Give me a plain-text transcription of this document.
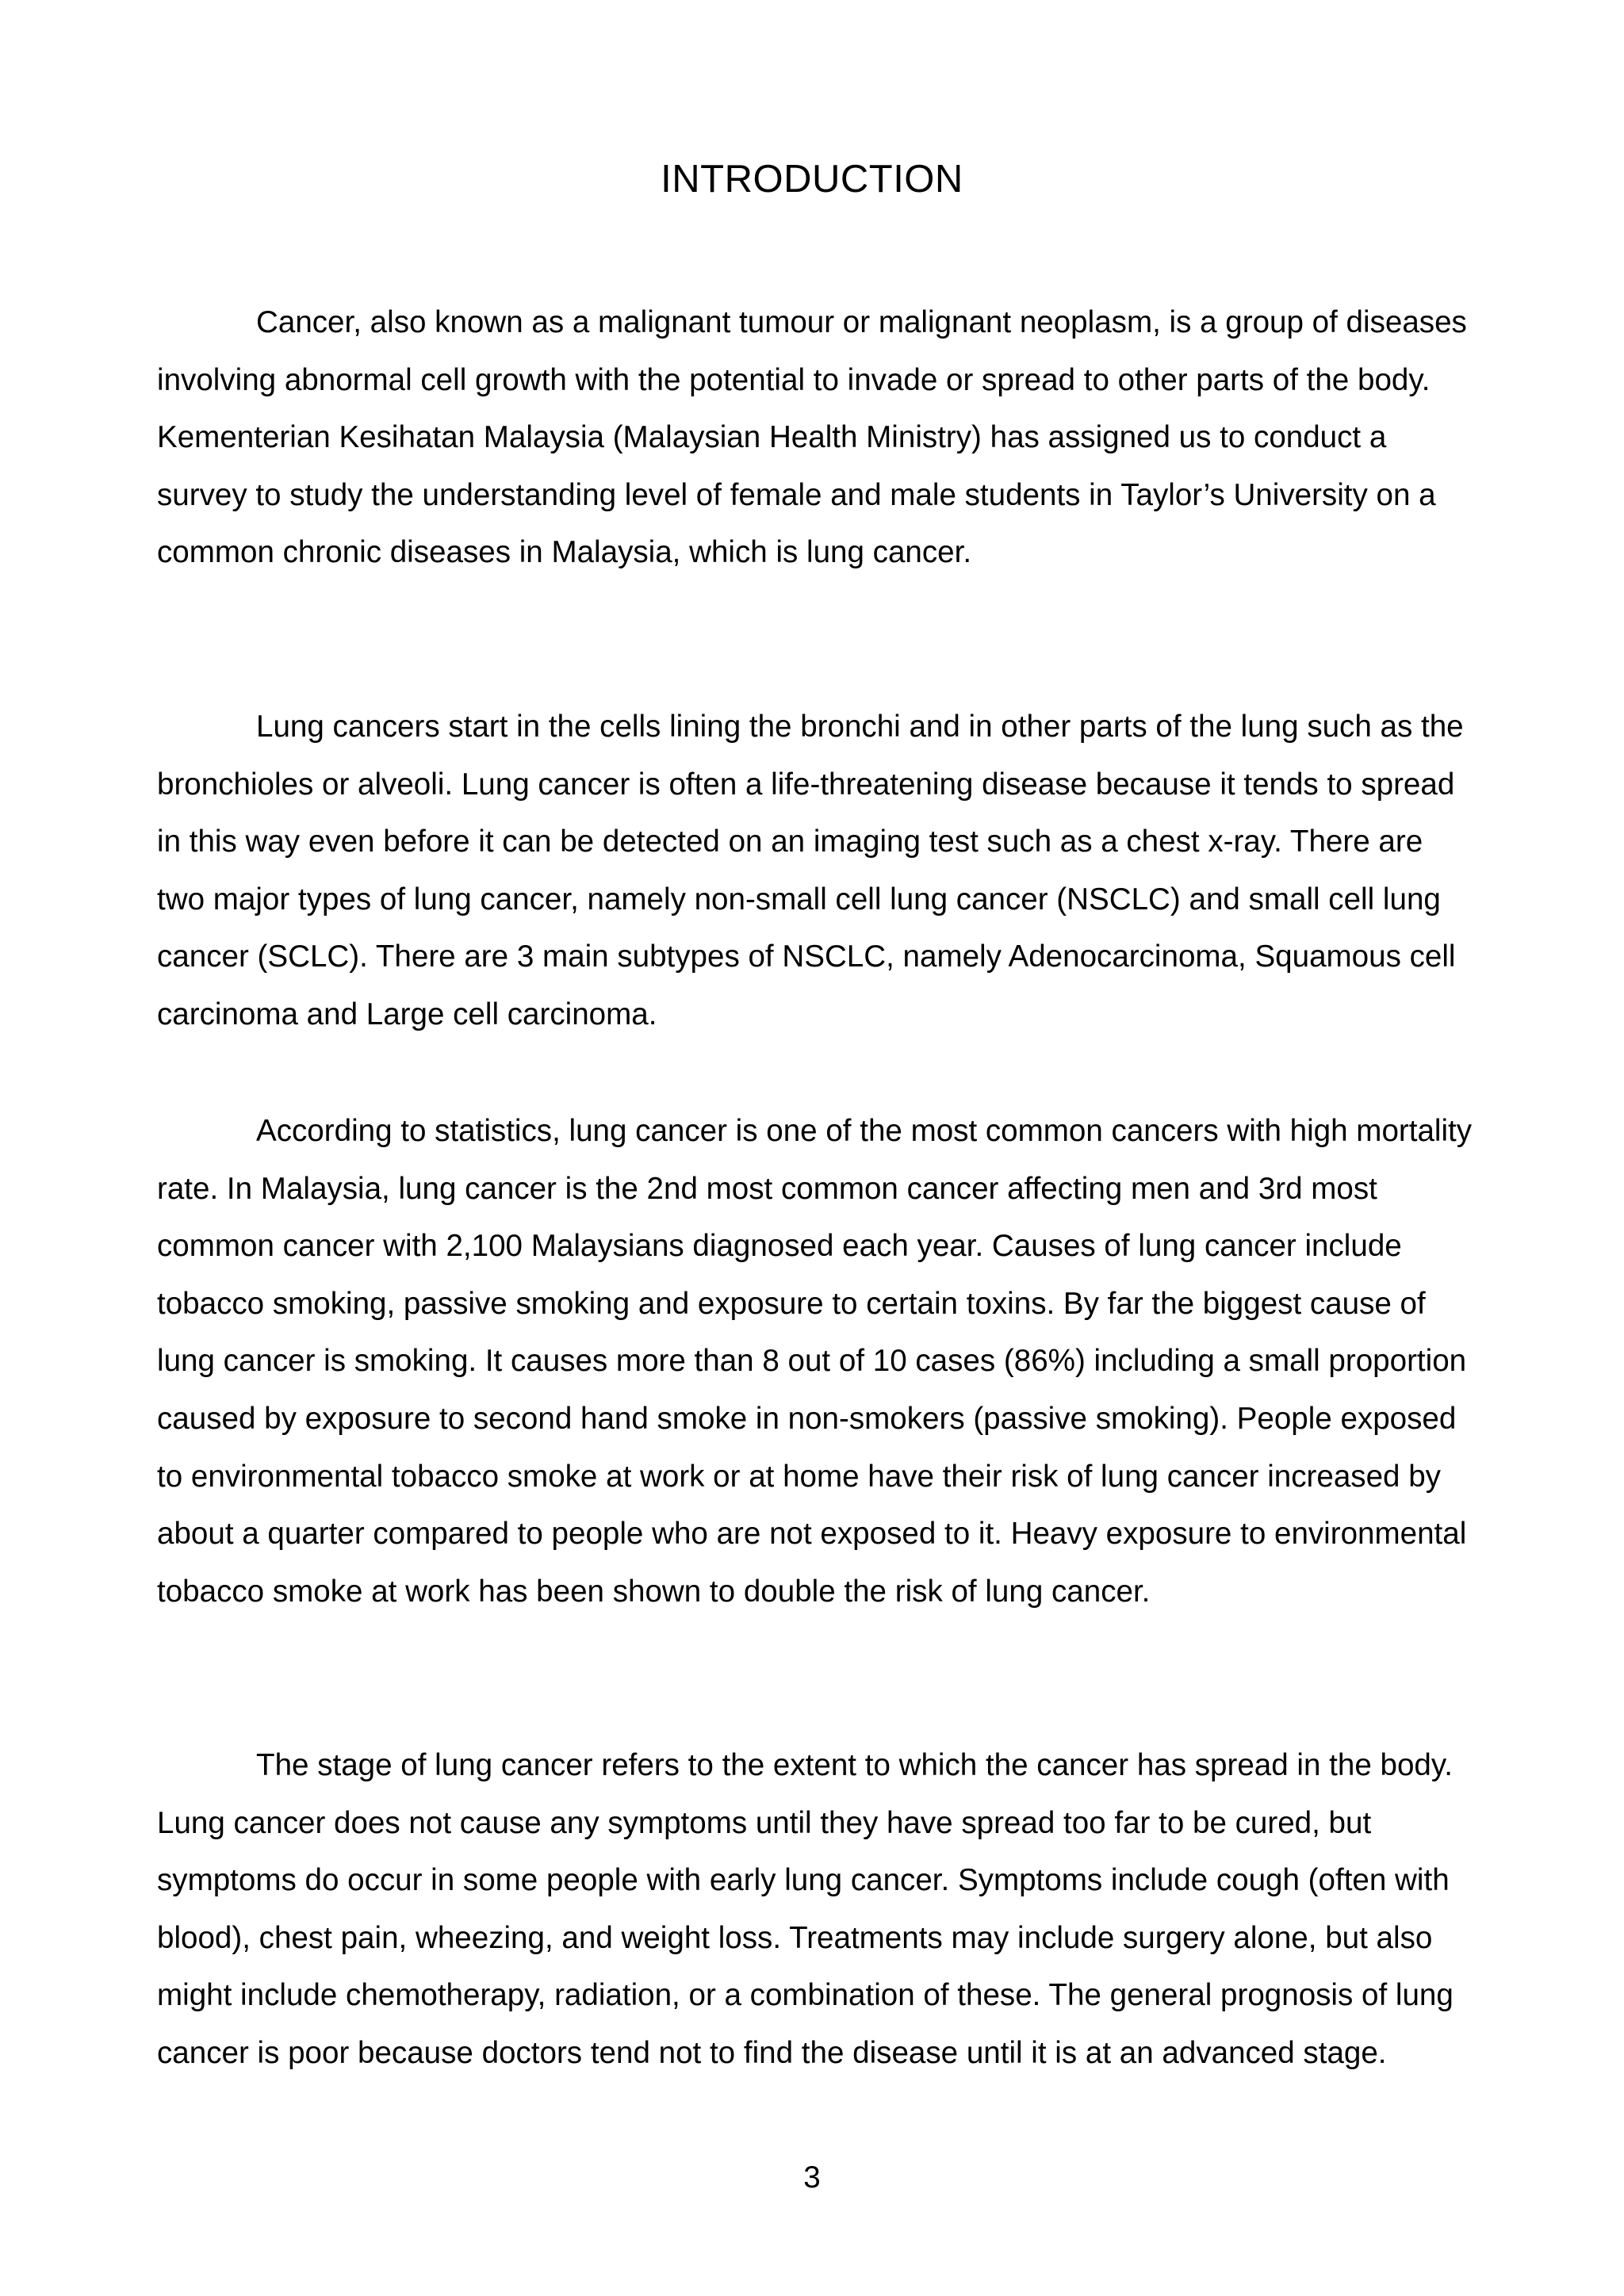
INTRODUCTION

Cancer, also known as a malignant tumour or malignant neoplasm, is a group of diseases involving abnormal cell growth with the potential to invade or spread to other parts of the body. Kementerian Kesihatan Malaysia (Malaysian Health Ministry) has assigned us to conduct a survey to study the understanding level of female and male students in Taylor’s University on a common chronic diseases in Malaysia, which is lung cancer.

Lung cancers start in the cells lining the bronchi and in other parts of the lung such as the bronchioles or alveoli. Lung cancer is often a life-threatening disease because it tends to spread in this way even before it can be detected on an imaging test such as a chest x-ray. There are two major types of lung cancer, namely non-small cell lung cancer (NSCLC) and small cell lung cancer (SCLC). There are 3 main subtypes of NSCLC, namely Adenocarcinoma, Squamous cell carcinoma and Large cell carcinoma.

According to statistics, lung cancer is one of the most common cancers with high mortality rate. In Malaysia, lung cancer is the 2nd most common cancer affecting men and 3rd most common cancer with 2,100 Malaysians diagnosed each year. Causes of lung cancer include tobacco smoking, passive smoking and exposure to certain toxins. By far the biggest cause of lung cancer is smoking. It causes more than 8 out of 10 cases (86%) including a small proportion caused by exposure to second hand smoke in non-smokers (passive smoking). People exposed to environmental tobacco smoke at work or at home have their risk of lung cancer increased by about a quarter compared to people who are not exposed to it. Heavy exposure to environmental tobacco smoke at work has been shown to double the risk of lung cancer.

The stage of lung cancer refers to the extent to which the cancer has spread in the body. Lung cancer does not cause any symptoms until they have spread too far to be cured, but symptoms do occur in some people with early lung cancer. Symptoms include cough (often with blood), chest pain, wheezing, and weight loss. Treatments may include surgery alone, but also might include chemotherapy, radiation, or a combination of these. The general prognosis of lung cancer is poor because doctors tend not to find the disease until it is at an advanced stage.

3
